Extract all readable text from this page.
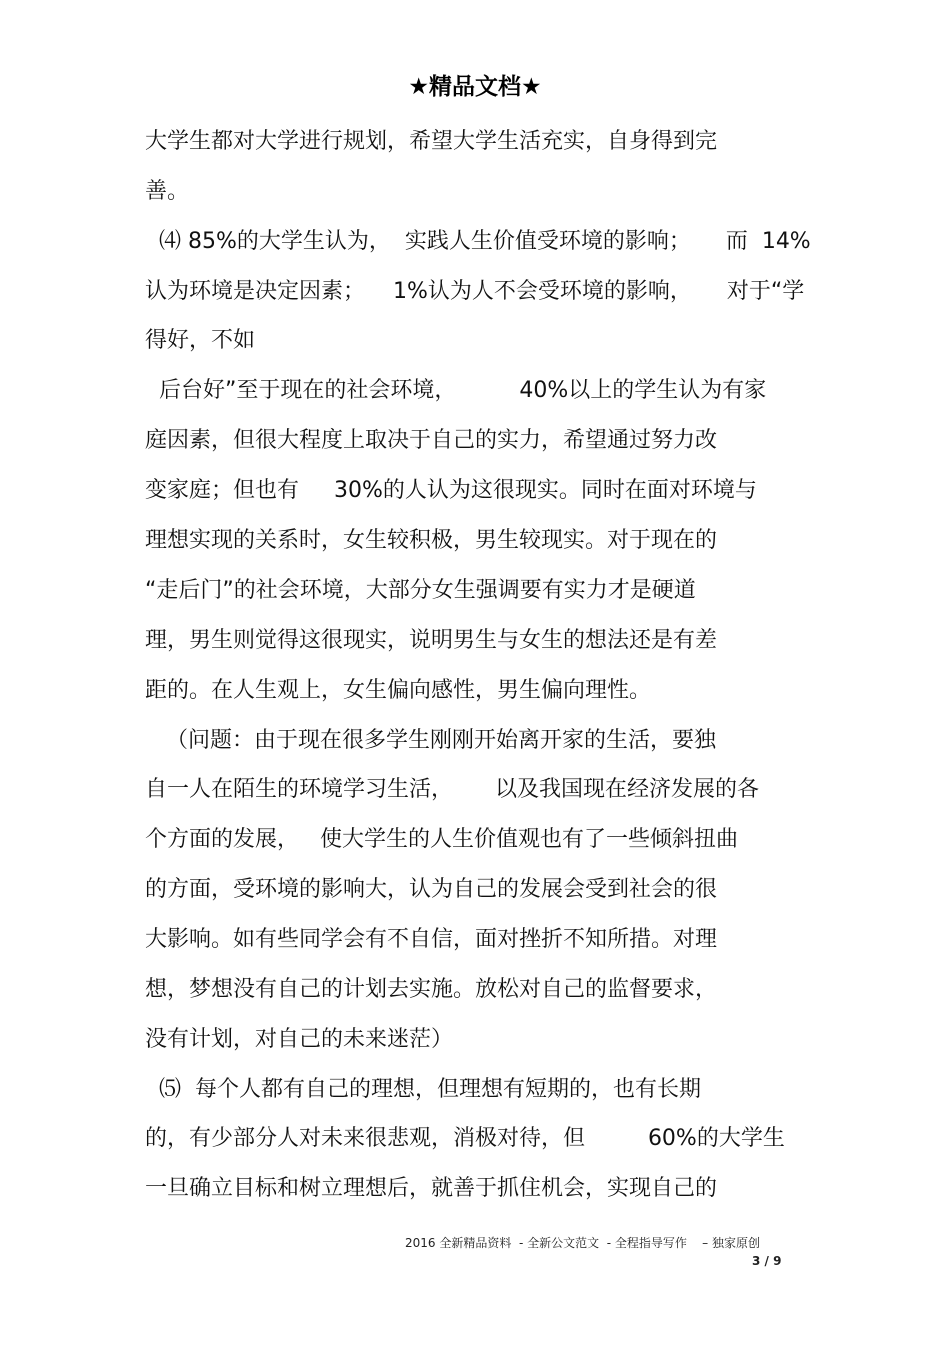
★精品文档★
大学生都对大学进行规划，希望大学生活充实，自身得到完
善。
⑷ 85%的大学生认为，  实践人生价值受环境的影响；     而  14%
认为环境是决定因素；    1%认为人不会受环境的影响，     对于“学
得好，不如
后台好”至于现在的社会环境，         40%以上的学生认为有家
庭因素，但很大程度上取决于自己的实力，希望通过努力改
变家庭；但也有     30%的人认为这很现实。同时在面对环境与
理想实现的关系时，女生较积极，男生较现实。对于现在的
“走后门”的社会环境，大部分女生强调要有实力才是硬道
理，男生则觉得这很现实，说明男生与女生的想法还是有差
距的。在人生观上，女生偏向感性，男生偏向理性。
（问题：由于现在很多学生刚刚开始离开家的生活，要独
自一人在陌生的环境学习生活，      以及我国现在经济发展的各
个方面的发展，   使大学生的人生价值观也有了一些倾斜扭曲
的方面，受环境的影响大，认为自己的发展会受到社会的很
大影响。如有些同学会有不自信，面对挫折不知所措。对理
想，梦想没有自己的计划去实施。放松对自己的监督要求，
没有计划，对自己的未来迷茫）
⑸  每个人都有自己的理想，但理想有短期的，也有长期
的，有少部分人对未来很悲观，消极对待，但         60%的大学生
一旦确立目标和树立理想后，就善于抓住机会，实现自己的
2016 全新精品资料  - 全新公文范文  - 全程指导写作    – 独家原创
3 / 9
